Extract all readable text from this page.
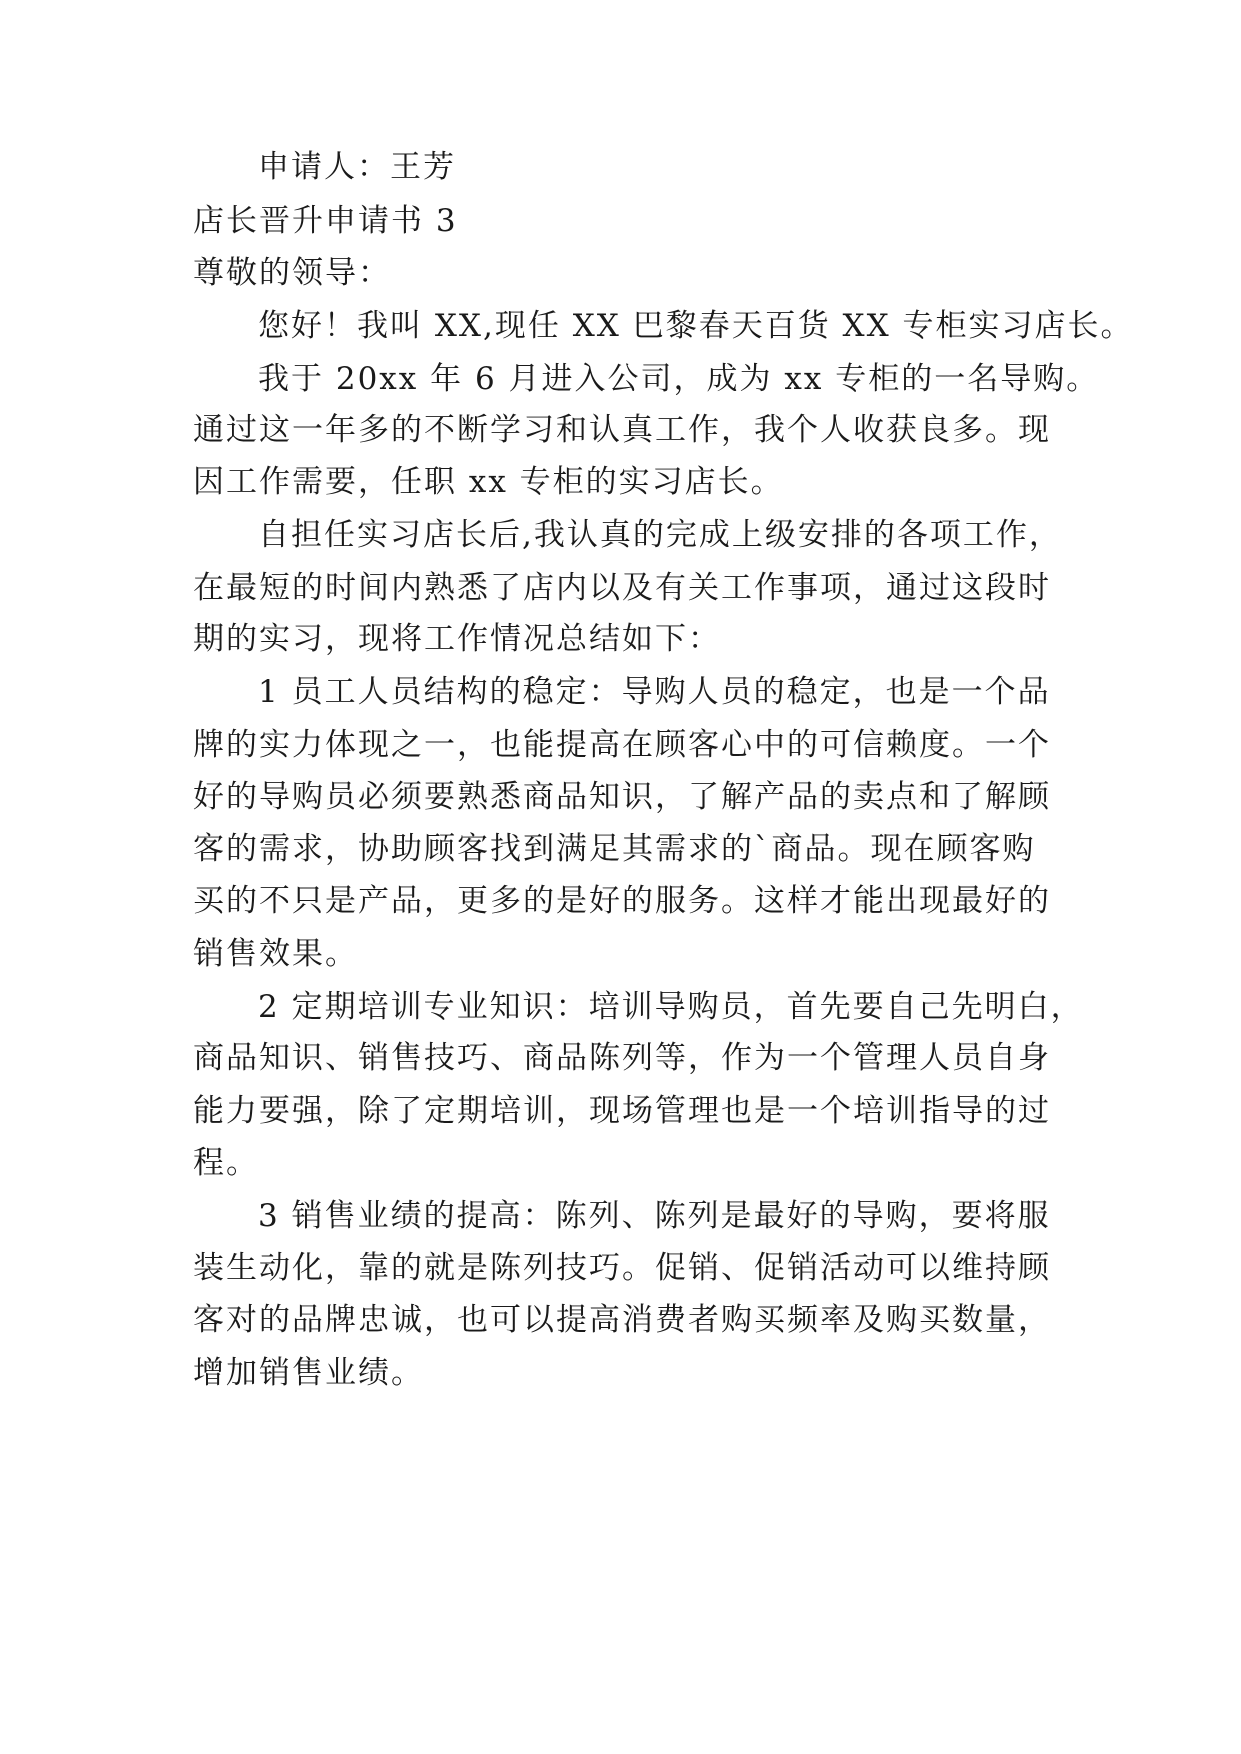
申请人：王芳
店长晋升申请书 3
尊敬的领导：
您好！我叫 XX,现任 XX 巴黎春天百货 XX 专柜实习店长。
我于 20xx 年 6 月进入公司，成为 xx 专柜的一名导购。
通过这一年多的不断学习和认真工作，我个人收获良多。现
因工作需要，任职 xx 专柜的实习店长。
自担任实习店长后,我认真的完成上级安排的各项工作，
在最短的时间内熟悉了店内以及有关工作事项，通过这段时
期的实习，现将工作情况总结如下：
1 员工人员结构的稳定：导购人员的稳定，也是一个品
牌的实力体现之一，也能提高在顾客心中的可信赖度。一个
好的导购员必须要熟悉商品知识，了解产品的卖点和了解顾
客的需求，协助顾客找到满足其需求的`商品。现在顾客购
买的不只是产品，更多的是好的服务。这样才能出现最好的
销售效果。
2 定期培训专业知识：培训导购员，首先要自己先明白，
商品知识、销售技巧、商品陈列等，作为一个管理人员自身
能力要强，除了定期培训，现场管理也是一个培训指导的过
程。
3 销售业绩的提高：陈列、陈列是最好的导购，要将服
装生动化，靠的就是陈列技巧。促销、促销活动可以维持顾
客对的品牌忠诚，也可以提高消费者购买频率及购买数量，
增加销售业绩。
